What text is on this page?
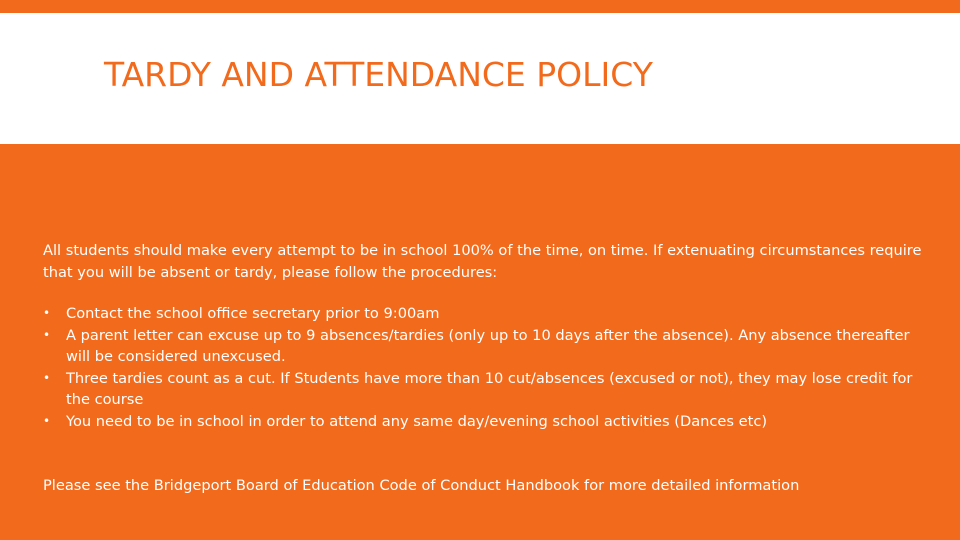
TARDY AND ATTENDANCE POLICY

All students should make every attempt to be in school 100% of the time, on time. If extenuating circumstances require that you will be absent or tardy, please follow the procedures:

• Contact the school office secretary prior to 9:00am
• A parent letter can excuse up to 9 absences/tardies (only up to 10 days after the absence). Any absence thereafter will be considered unexcused.
• Three tardies count as a cut. If Students have more than 10 cut/absences (excused or not), they may lose credit for the course
• You need to be in school in order to attend any same day/evening school activities (Dances etc)

Please see the Bridgeport Board of Education Code of Conduct Handbook for more detailed information
